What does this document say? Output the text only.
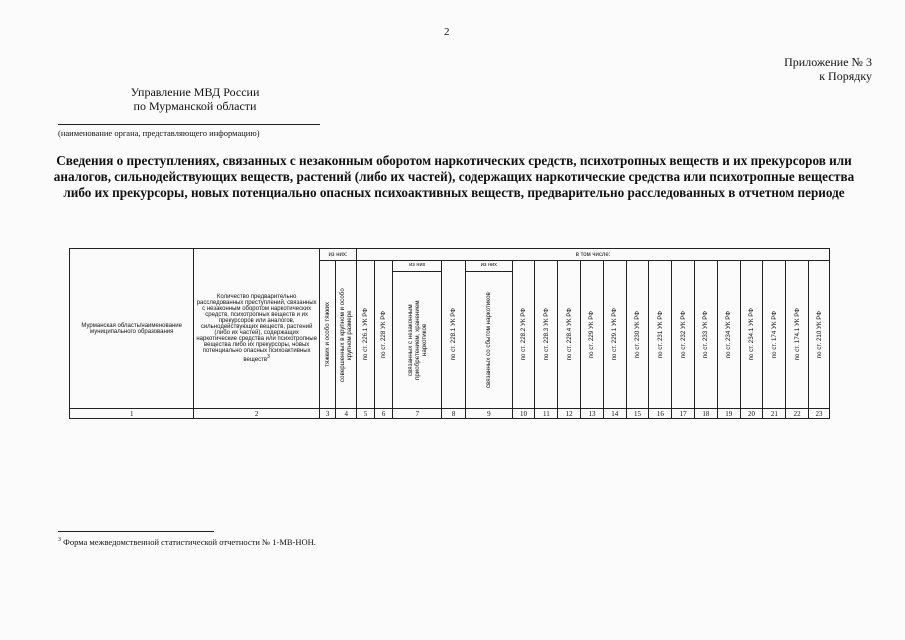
2
Приложение № 3
к Порядку
Управление МВД России
по Мурманской области
(наименование органа, представляющего информацию)
Сведения о преступлениях, связанных с незаконным оборотом наркотических средств, психотропных веществ и их прекурсоров или аналогов, сильнодействующих веществ, растений (либо их частей), содержащих наркотические средства или психотропные вещества либо их прекурсоры, новых потенциально опасных психоактивных веществ, предварительно расследованных в отчетном периоде
Мурманская область/наименование муниципального образования	Количество предварительно расследованных преступлений, связанных с незаконным оборотом наркотических средств, психотропных веществ и их прекурсоров или аналогов, сильнодействующих веществ, растений (либо их частей), содержащих наркотические средства или психотропные вещества либо их прекурсоры, новых потенциально опасных психоактивных веществ$^3$	из них:		в том числе:																		

		тяжких и особо тяжких	совершенных в крупном и особо крупном размере	по ст. 226.1 УК РФ	по ст. 228 УК РФ	из них	по ст. 228.1 УК РФ	из них	по ст. 228.2 УК РФ	по ст. 228.3 УК РФ	по ст. 228.4 УК РФ	по ст. 229 УК РФ	по ст. 229.1 УК РФ	по ст. 230 УК РФ	по ст. 231 УК РФ	по ст. 232 УК РФ	по ст. 233 УК РФ	по ст. 234 УК РФ	по ст. 234.1 УК РФ	по ст. 174 УК РФ	по ст. 174.1 УК РФ	по ст. 210 УК РФ

						связанных с незаконным приобретением, хранением наркотиков		связанных со сбытом наркотиков														

1	2	3	4	5	6	7	8	9	10	11	12	13	14	15	16	17	18	19	20	21	22	23
$^3$ Форма межведомственной статистической отчетности № 1-МВ-НОН.
